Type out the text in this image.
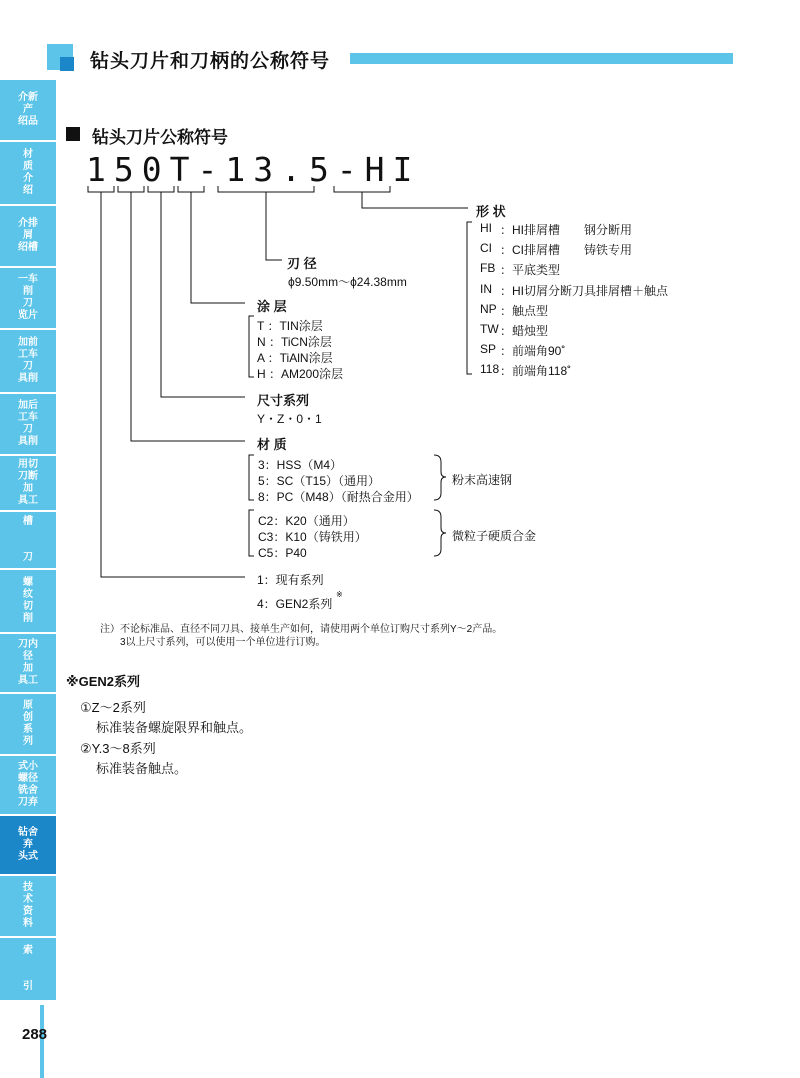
钻头刀片和刀柄的公称符号
介新
产
绍品
材
质
介
绍
介排
屑
绍槽
一车
削
刀
览片
加前
工车
刀
具削
加后
工车
刀
具削
用切
刀断
加
具工
槽

刀
螺
纹
切
削
刀内
径
加
具工
原
创
系
列
式小
螺径
铣舍
刀弃
钻舍
弃
头式
技
术
资
料
索

引
288
钻头刀片公称符号
150T-13.5-HI
形 状
HI ：HI排屑槽　　钢分断用
CI ：CI排屑槽　　铸铁专用
FB ：平底类型
IN ：HI切屑分断刀具排屑槽＋触点
NP ：触点型
TW ：蜡烛型
SP ：前端角90˚
118 ：前端角118˚
刃 径
ϕ9.50mm～ϕ24.38mm
涂 层
T ：TIN涂层
N ：TiCN涂层
A ：TiAlN涂层
H ：AM200涂层
尺寸系列
Y・Z・0・1
材 质
3：HSS（M4）
5：SC（T15）（通用）
8：PC（M48）（耐热合金用）
粉末高速钢
C2：K20（通用）
C3：K10（铸铁用）
C5：P40
微粒子硬质合金
1：现有系列
4：GEN2系列
※
注）不论标准品、直径不同刀具、接单生产如何，请使用两个单位订购尺寸系列Y～2产品。
3以上尺寸系列，可以使用一个单位进行订购。
※GEN2系列
①Z～2系列
标准装备螺旋限界和触点。
②Y.3～8系列
标准装备触点。
